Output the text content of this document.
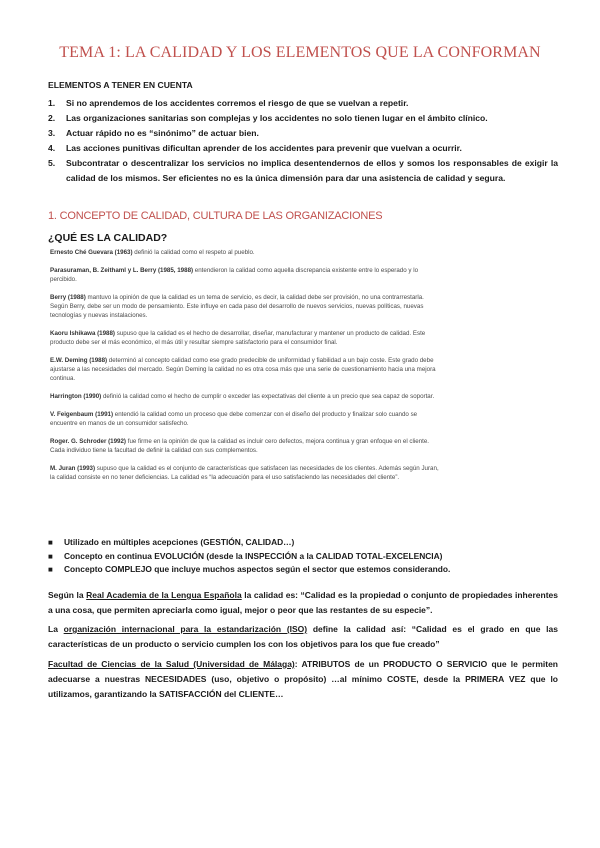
TEMA 1: LA CALIDAD Y LOS ELEMENTOS QUE LA CONFORMAN
ELEMENTOS A TENER EN CUENTA
1. Si no aprendemos de los accidentes corremos el riesgo de que se vuelvan a repetir.
2. Las organizaciones sanitarias son complejas y los accidentes no solo tienen lugar en el ámbito clínico.
3. Actuar rápido no es “sinónimo” de actuar bien.
4. Las acciones punitivas dificultan aprender de los accidentes para prevenir que vuelvan a ocurrir.
5. Subcontratar o descentralizar los servicios no implica desentendernos de ellos y somos los responsables de exigir la calidad de los mismos. Ser eficientes no es la única dimensión para dar una asistencia de calidad y segura.
1. CONCEPTO DE CALIDAD, CULTURA DE LAS ORGANIZACIONES
¿QUÉ ES LA CALIDAD?

Ernesto Ché Guevara (1963) definió la calidad como el respeto al pueblo.

Parasuraman, B. Zeithaml y L. Berry (1985, 1988) entendieron la calidad como aquella discrepancia existente entre lo esperado y lo percibido.

Berry (1988) mantuvo la opinión de que la calidad es un tema de servicio, es decir, la calidad debe ser provisión, no una contrarrestarla. Según Berry, debe ser un modo de pensamiento. Este influye en cada paso del desarrollo de nuevos servicios, nuevas políticas, nuevas tecnologías y nuevas instalaciones.

Kaoru Ishikawa (1988) supuso que la calidad es el hecho de desarrollar, diseñar, manufacturar y mantener un producto de calidad. Este producto debe ser el más económico, el más útil y resultar siempre satisfactorio para el consumidor final.

E.W. Deming (1988) determinó al concepto calidad como ese grado predecible de uniformidad y fiabilidad a un bajo coste. Este grado debe ajustarse a las necesidades del mercado. Según Deming la calidad no es otra cosa más que una serie de cuestionamiento hacia una mejora continua.

Harrington (1990) definió la calidad como el hecho de cumplir o exceder las expectativas del cliente a un precio que sea capaz de soportar.

V. Feigenbaum (1991) entendió la calidad como un proceso que debe comenzar con el diseño del producto y finalizar solo cuando se encuentre en manos de un consumidor satisfecho.

Roger. G. Schroder (1992) fue firme en la opinión de que la calidad es incluir cero defectos, mejora continua y gran enfoque en el cliente. Cada individuo tiene la facultad de definir la calidad con sus complementos.

M. Juran (1993) supuso que la calidad es el conjunto de características que satisfacen las necesidades de los clientes. Además según Juran, la calidad consiste en no tener deficiencias. La calidad es “la adecuación para el uso satisfaciendo las necesidades del cliente”.

■ Utilizado en múltiples acepciones (GESTIÓN, CALIDAD…)
■ Concepto en continua EVOLUCIÓN (desde la INSPECCIÓN a la CALIDAD TOTAL-EXCELENCIA)
■ Concepto COMPLEJO que incluye muchos aspectos según el sector que estemos considerando.
Según la Real Academia de la Lengua Española la calidad es: “Calidad es la propiedad o conjunto de propiedades inherentes a una cosa, que permiten apreciarla como igual, mejor o peor que las restantes de su especie”.
La organización internacional para la estandarización (ISO) define la calidad así: “Calidad es el grado en que las características de un producto o servicio cumplen los con los objetivos para los que fue creado”
Facultad de Ciencias de la Salud (Universidad de Málaga): ATRIBUTOS de un PRODUCTO O SERVICIO que le permiten adecuarse a nuestras NECESIDADES (uso, objetivo o propósito) …al mínimo COSTE, desde la PRIMERA VEZ que lo utilizamos, garantizando la SATISFACCIÓN del CLIENTE…
